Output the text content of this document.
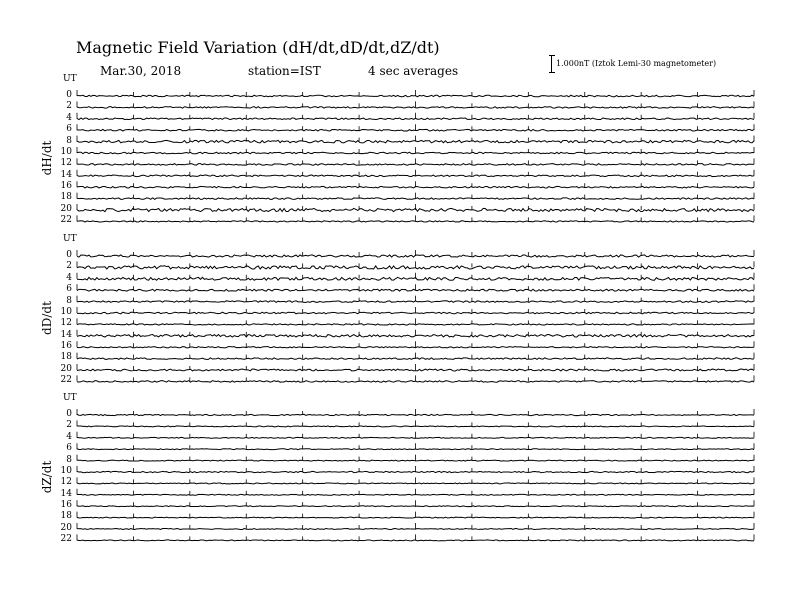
Magnetic Field Variation (dH/dt,dD/dt,dZ/dt)
Mar.30, 2018	station=IST	4 sec averages
1.000nT (Iztok Lemi-30 magnetometer)
UT
dH/dt
0
2
4
6
8
10
12
14
16
18
20
22
UT
dD/dt
0
2
4
6
8
10
12
14
16
18
20
22
UT
dZ/dt
0
2
4
6
8
10
12
14
16
18
20
22
